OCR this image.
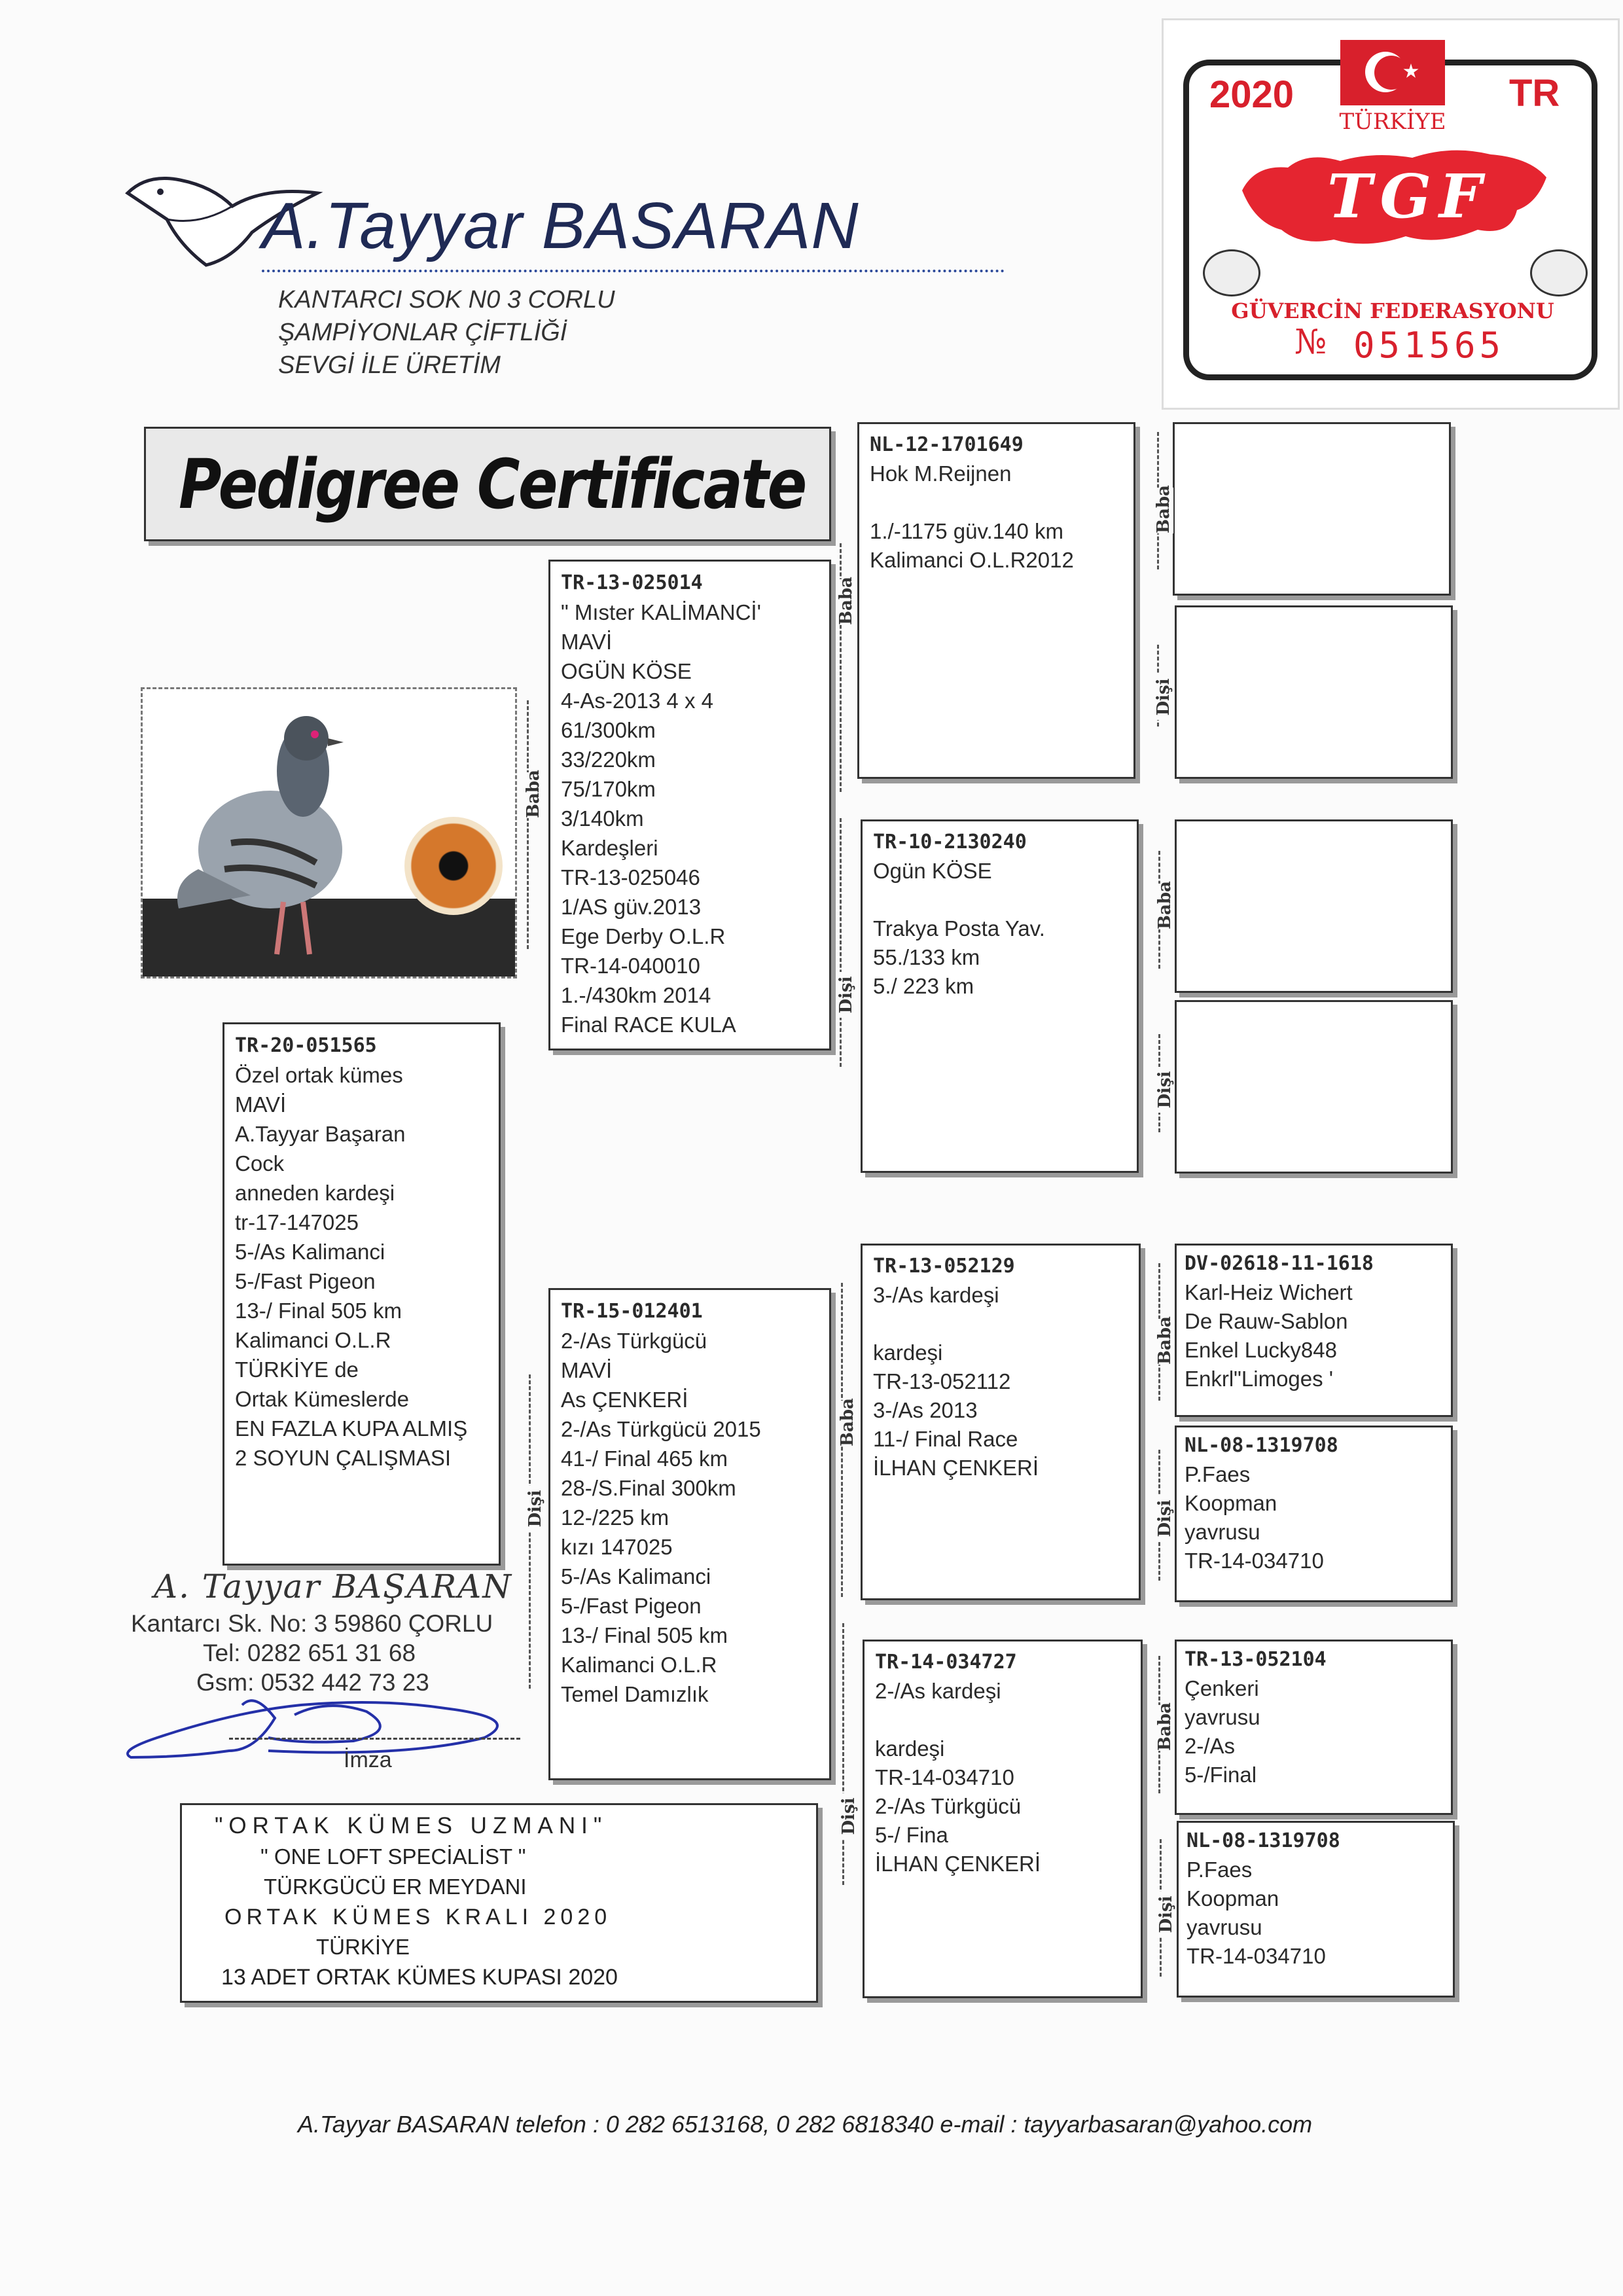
A.Tayyar BASARAN
KANTARCI SOK N0 3 CORLU
ŞAMPİYONLAR ÇİFTLİĞİ
SEVGİ İLE ÜRETİM
2020	TR
TÜRKİYE
TGF
GÜVERCİN FEDERASYONU
№ 051565
Pedigree Certificate
TR-20-051565
Özel ortak kümes
MAVİ
A.Tayyar Başaran
Cock
anneden kardeşi
tr-17-147025
5-/As Kalimanci
5-/Fast Pigeon
13-/ Final 505 km
Kalimanci O.L.R
TÜRKİYE de
Ortak Kümeslerde
EN FAZLA KUPA ALMIŞ
2 SOYUN ÇALIŞMASI
TR-13-025014
" Mıster KALİMANCİ'
MAVİ
OGÜN KÖSE
4-As-2013 4 x 4
61/300km
33/220km
75/170km
3/140km
Kardeşleri
TR-13-025046
1/AS güv.2013
Ege Derby O.L.R
TR-14-040010
1.-/430km 2014
Final RACE KULA
TR-15-012401
2-/As Türkgücü
MAVİ
As ÇENKERİ
2-/As Türkgücü 2015
41-/ Final 465 km
28-/S.Final 300km
12-/225 km
kızı 147025
5-/As Kalimanci
5-/Fast Pigeon
13-/ Final 505 km
Kalimanci O.L.R
Temel Damızlık
NL-12-1701649
Hok M.Reijnen

1./-1175 güv.140 km
Kalimanci O.L.R2012
TR-10-2130240
Ogün KÖSE

Trakya Posta Yav.
55./133 km
5./ 223 km
TR-13-052129
3-/As kardeşi

kardeşi
TR-13-052112
3-/As 2013
11-/ Final Race
İLHAN ÇENKERİ
TR-14-034727
2-/As kardeşi

kardeşi
TR-14-034710
2-/As Türkgücü
5-/ Fina
İLHAN ÇENKERİ
DV-02618-11-1618
Karl-Heiz Wichert
De Rauw-Sablon
Enkel Lucky848
Enkrl"Limoges '
NL-08-1319708
P.Faes
Koopman
yavrusu
TR-14-034710
TR-13-052104
Çenkeri
yavrusu
2-/As
5-/Final
NL-08-1319708
P.Faes
Koopman
yavrusu
TR-14-034710
Baba
Dişi
Baba
Dişi
Baba
Dişi
Baba
Dişi
Baba
Dişi
Baba
Dişi
Baba
Dişi
A. Tayyar BAŞARAN
Kantarcı Sk. No: 3 59860 ÇORLU
Tel: 0282 651 31 68
Gsm: 0532 442 73 23
İmza
"ORTAK KÜMES UZMANI"
" ONE LOFT SPECİALİST "
TÜRKGÜCÜ ER MEYDANI
ORTAK KÜMES KRALI 2020
TÜRKİYE
13 ADET ORTAK KÜMES KUPASI 2020
A.Tayyar BASARAN telefon : 0 282 6513168, 0 282 6818340 e-mail : tayyarbasaran@yahoo.com
